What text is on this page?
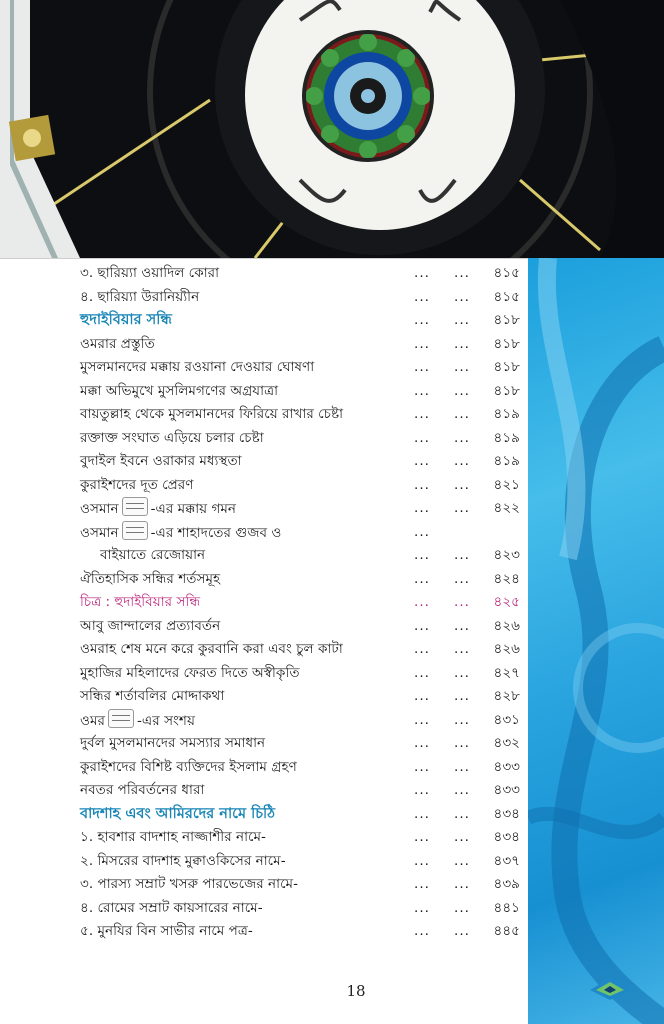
৩. ছারিয়্যা ওয়াদিল কোরা	... ...	৪১৫
৪. ছারিয়্যা উরানিয়্যীন	... ...	৪১৫
হুদাইবিয়ার সন্ধি	... ...	৪১৮
ওমরার প্রস্তুতি	... ...	৪১৮
মুসলমানদের মক্কায় রওয়ানা দেওয়ার ঘোষণা	... ...	৪১৮
মক্কা অভিমুখে মুসলিমগণের অগ্রযাত্রা	... ...	৪১৮
বায়তুল্লাহ থেকে মুসলমানদের ফিরিয়ে রাখার চেষ্টা	... ...	৪১৯
রক্তাক্ত সংঘাত এড়িয়ে চলার চেষ্টা	... ...	৪১৯
বুদাইল ইবনে ওরাকার মধ্যস্থতা	... ...	৪১৯
কুরাইশদের দূত প্রেরণ	... ...	৪২১
ওসমান -এর মক্কায় গমন	... ...	৪২২
ওসমান -এর শাহাদতের গুজব ও	...
বাইয়াতে রেজোয়ান	... ...	৪২৩
ঐতিহাসিক সন্ধির শর্তসমূহ	... ...	৪২৪
চিত্র : হুদাইবিয়ার সন্ধি	... ...	৪২৫
আবু জান্দালের প্রত্যাবর্তন	... ...	৪২৬
ওমরাহ শেষ মনে করে কুরবানি করা এবং চুল কাটা	... ...	৪২৬
মুহাজির মহিলাদের ফেরত দিতে অস্বীকৃতি	... ...	৪২৭
সন্ধির শর্তাবলির মোদ্দাকথা	... ...	৪২৮
ওমর -এর সংশয়	... ...	৪৩১
দুর্বল মুসলমানদের সমস্যার সমাধান	... ...	৪৩২
কুরাইশদের বিশিষ্ট ব্যক্তিদের ইসলাম গ্রহণ	... ...	৪৩৩
নবতর পরিবর্তনের ধারা	... ...	৪৩৩
বাদশাহ এবং আমিরদের নামে চিঠি	... ...	৪৩৪
১. হাবশার বাদশাহ নাজ্জাশীর নামে-	... ...	৪৩৪
২. মিসরের বাদশাহ মুক্বাওকিসের নামে-	... ...	৪৩৭
৩. পারস্য সম্রাট খসরু পারভেজের নামে-	... ...	৪৩৯
৪. রোমের সম্রাট কায়সারের নামে-	... ...	৪৪১
৫. মুনযির বিন সাভীর নামে পত্র-	... ...	৪৪৫
18
